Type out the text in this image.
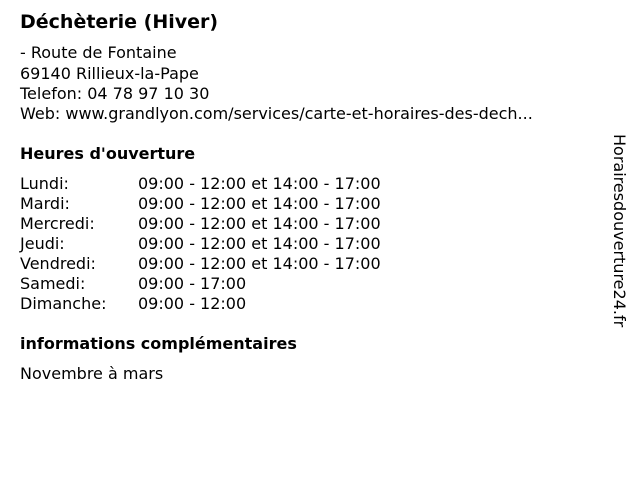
Déchèterie (Hiver)
- Route de Fontaine
69140 Rillieux-la-Pape
Telefon: 04 78 97 10 30
Web: www.grandlyon.com/services/carte-et-horaires-des-dech...
Heures d'ouverture
Lundi:	09:00 - 12:00 et 14:00 - 17:00
Mardi:	09:00 - 12:00 et 14:00 - 17:00
Mercredi:	09:00 - 12:00 et 14:00 - 17:00
Jeudi:	09:00 - 12:00 et 14:00 - 17:00
Vendredi:	09:00 - 12:00 et 14:00 - 17:00
Samedi:	09:00 - 17:00
Dimanche: 09:00 - 12:00
informations complémentaires
Novembre à mars
Horairesdouverture24.fr
